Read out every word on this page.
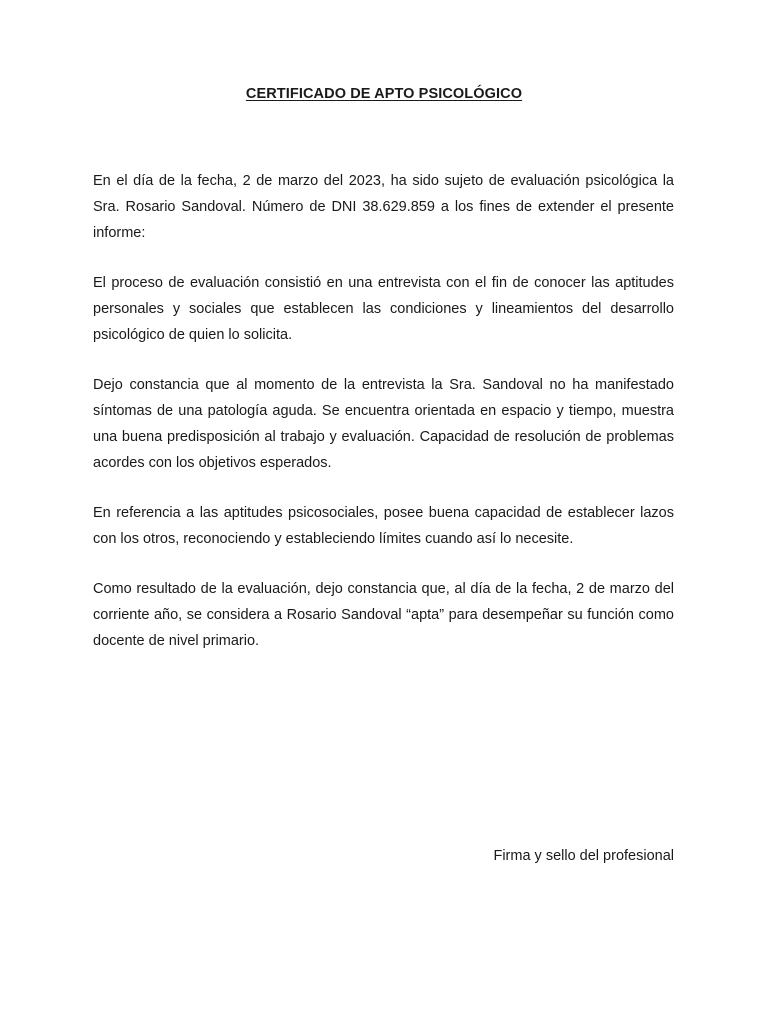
CERTIFICADO DE APTO PSICOLÓGICO

En el día de la fecha, 2 de marzo del 2023, ha sido sujeto de evaluación psicológica la Sra. Rosario Sandoval. Número de DNI 38.629.859 a los fines de extender el presente informe:

El proceso de evaluación consistió en una entrevista con el fin de conocer las aptitudes personales y sociales que establecen las condiciones y lineamientos del desarrollo psicológico de quien lo solicita.

Dejo constancia que al momento de la entrevista la Sra. Sandoval no ha manifestado síntomas de una patología aguda. Se encuentra orientada en espacio y tiempo, muestra una buena predisposición al trabajo y evaluación. Capacidad de resolución de problemas acordes con los objetivos esperados.

En referencia a las aptitudes psicosociales, posee buena capacidad de establecer lazos con los otros, reconociendo y estableciendo límites cuando así lo necesite.

Como resultado de la evaluación, dejo constancia que, al día de la fecha, 2 de marzo del corriente año, se considera a Rosario Sandoval “apta” para desempeñar su función como docente de nivel primario.

Firma y sello del profesional
